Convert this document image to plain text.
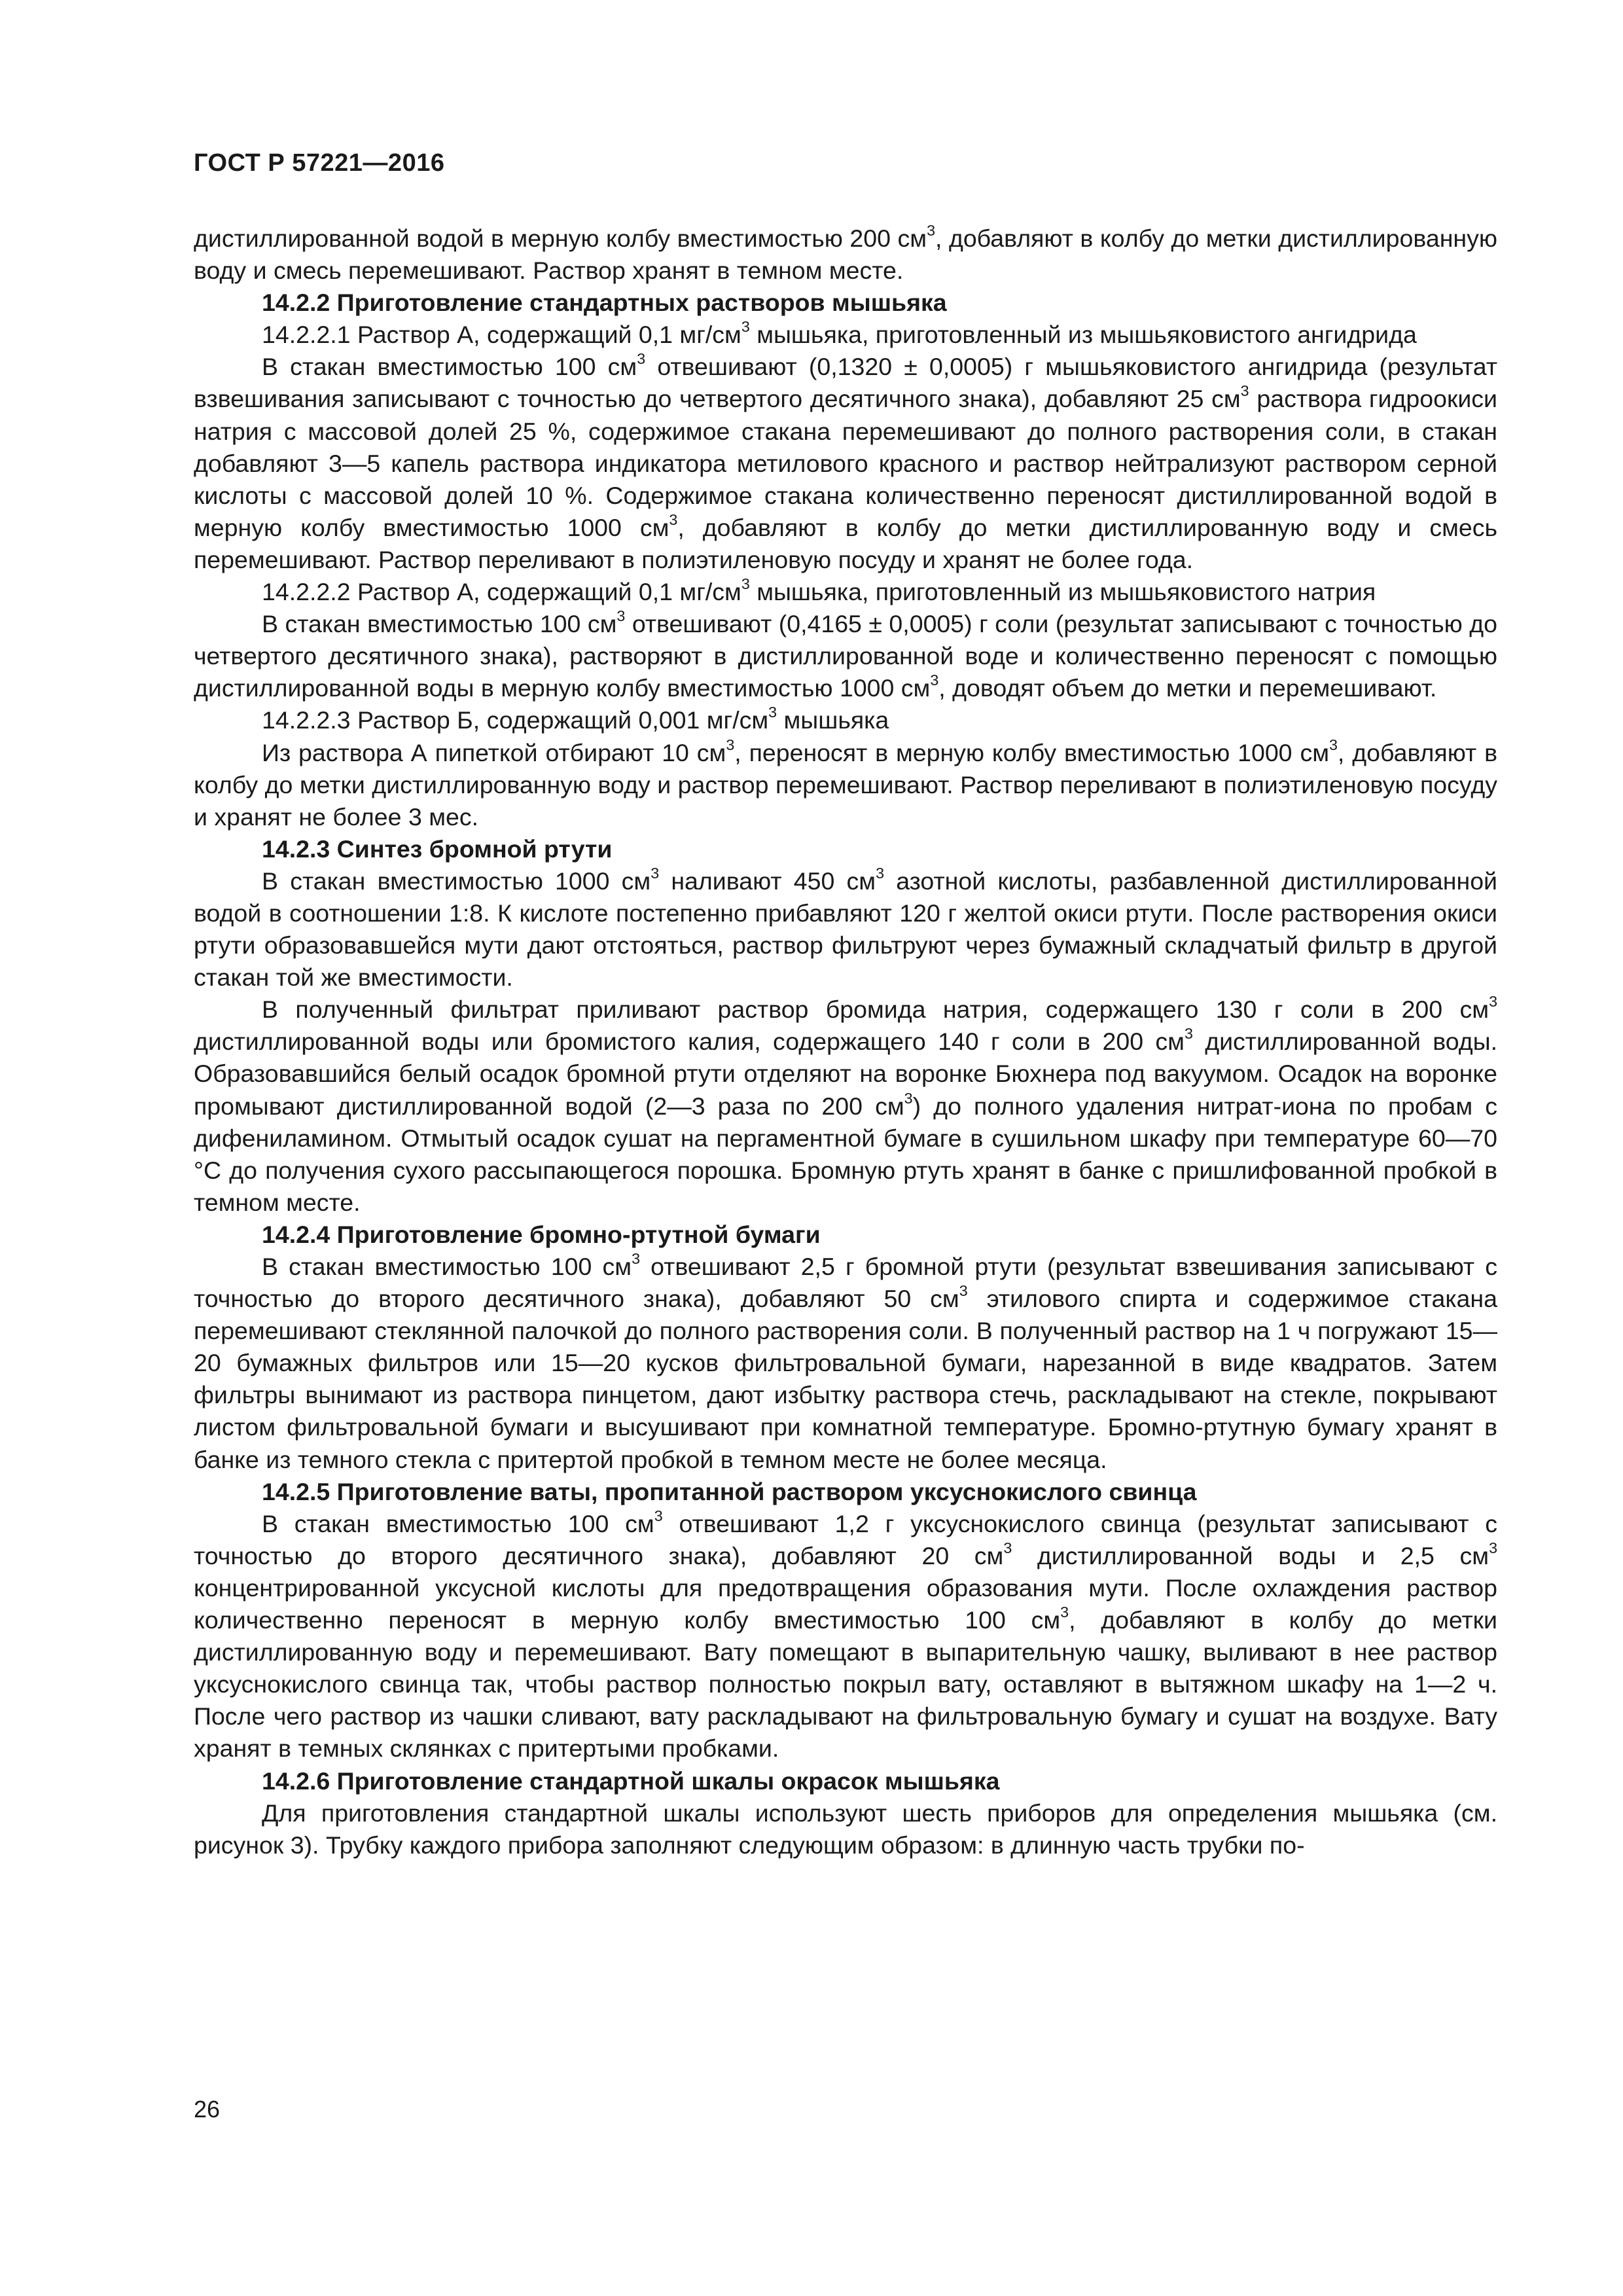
ГОСТ Р 57221—2016

дистиллированной водой в мерную колбу вместимостью 200 $см^3$, добавляют в колбу до метки дистиллированную воду и смесь перемешивают. Раствор хранят в темном месте.

14.2.2 Приготовление стандартных растворов мышьяка

14.2.2.1 Раствор А, содержащий 0,1 $мг/см^3$ мышьяка, приготовленный из мышьяковистого ангидрида

В стакан вместимостью 100 $см^3$ отвешивают (0,1320 ± 0,0005) г мышьяковистого ангидрида (результат взвешивания записывают с точностью до четвертого десятичного знака), добавляют 25 $см^3$ раствора гидроокиси натрия с массовой долей 25 %, содержимое стакана перемешивают до полного растворения соли, в стакан добавляют 3—5 капель раствора индикатора метилового красного и раствор нейтрализуют раствором серной кислоты с массовой долей 10 %. Содержимое стакана количественно переносят дистиллированной водой в мерную колбу вместимостью 1000 $см^3$, добавляют в колбу до метки дистиллированную воду и смесь перемешивают. Раствор переливают в полиэтиленовую посуду и хранят не более года.

14.2.2.2 Раствор А, содержащий 0,1 $мг/см^3$ мышьяка, приготовленный из мышьяковистого натрия

В стакан вместимостью 100 $см^3$ отвешивают (0,4165 ± 0,0005) г соли (результат записывают с точностью до четвертого десятичного знака), растворяют в дистиллированной воде и количественно переносят с помощью дистиллированной воды в мерную колбу вместимостью 1000 $см^3$, доводят объем до метки и перемешивают.

14.2.2.3 Раствор Б, содержащий 0,001 $мг/см^3$ мышьяка

Из раствора А пипеткой отбирают 10 $см^3$, переносят в мерную колбу вместимостью 1000 $см^3$, добавляют в колбу до метки дистиллированную воду и раствор перемешивают. Раствор переливают в полиэтиленовую посуду и хранят не более 3 мес.

14.2.3 Синтез бромной ртути

В стакан вместимостью 1000 $см^3$ наливают 450 $см^3$ азотной кислоты, разбавленной дистиллированной водой в соотношении 1:8. К кислоте постепенно прибавляют 120 г желтой окиси ртути. После растворения окиси ртути образовавшейся мути дают отстояться, раствор фильтруют через бумажный складчатый фильтр в другой стакан той же вместимости.

В полученный фильтрат приливают раствор бромида натрия, содержащего 130 г соли в 200 $см^3$ дистиллированной воды или бромистого калия, содержащего 140 г соли в 200 $см^3$ дистиллированной воды. Образовавшийся белый осадок бромной ртути отделяют на воронке Бюхнера под вакуумом. Осадок на воронке промывают дистиллированной водой (2—3 раза по 200 $см^3$) до полного удаления нитрат-иона по пробам с дифениламином. Отмытый осадок сушат на пергаментной бумаге в сушильном шкафу при температуре 60—70 °С до получения сухого рассыпающегося порошка. Бромную ртуть хранят в банке с пришлифованной пробкой в темном месте.

14.2.4 Приготовление бромно-ртутной бумаги

В стакан вместимостью 100 $см^3$ отвешивают 2,5 г бромной ртути (результат взвешивания записывают с точностью до второго десятичного знака), добавляют 50 $см^3$ этилового спирта и содержимое стакана перемешивают стеклянной палочкой до полного растворения соли. В полученный раствор на 1 ч погружают 15—20 бумажных фильтров или 15—20 кусков фильтровальной бумаги, нарезанной в виде квадратов. Затем фильтры вынимают из раствора пинцетом, дают избытку раствора стечь, раскладывают на стекле, покрывают листом фильтровальной бумаги и высушивают при комнатной температуре. Бромно-ртутную бумагу хранят в банке из темного стекла с притертой пробкой в темном месте не более месяца.

14.2.5 Приготовление ваты, пропитанной раствором уксуснокислого свинца

В стакан вместимостью 100 $см^3$ отвешивают 1,2 г уксуснокислого свинца (результат записывают с точностью до второго десятичного знака), добавляют 20 $см^3$ дистиллированной воды и 2,5 $см^3$ концентрированной уксусной кислоты для предотвращения образования мути. После охлаждения раствор количественно переносят в мерную колбу вместимостью 100 $см^3$, добавляют в колбу до метки дистиллированную воду и перемешивают. Вату помещают в выпарительную чашку, выливают в нее раствор уксуснокислого свинца так, чтобы раствор полностью покрыл вату, оставляют в вытяжном шкафу на 1—2 ч. После чего раствор из чашки сливают, вату раскладывают на фильтровальную бумагу и сушат на воздухе. Вату хранят в темных склянках с притертыми пробками.

14.2.6 Приготовление стандартной шкалы окрасок мышьяка

Для приготовления стандартной шкалы используют шесть приборов для определения мышьяка (см. рисунок 3). Трубку каждого прибора заполняют следующим образом: в длинную часть трубки по-

26
